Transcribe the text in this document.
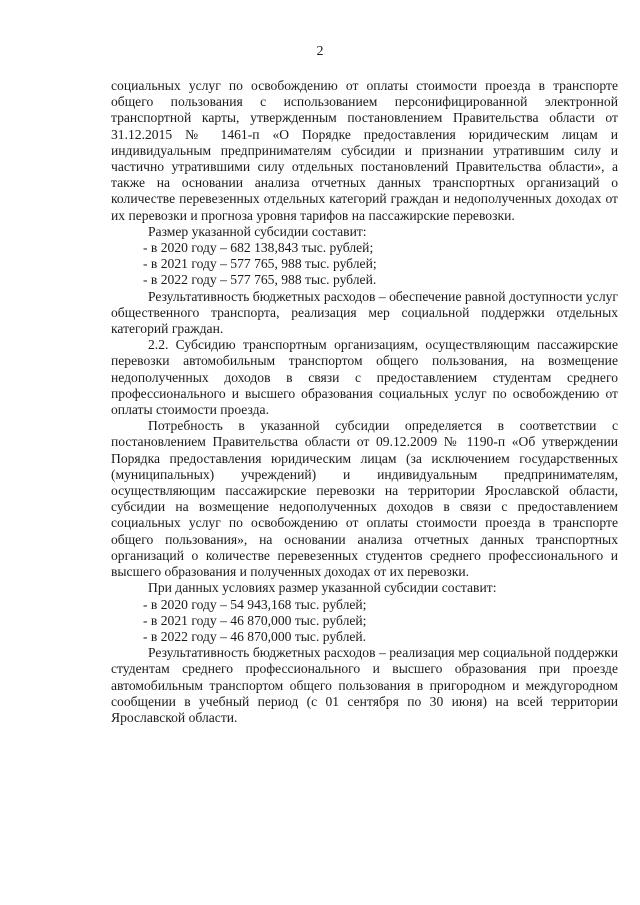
2

социальных услуг по освобождению от оплаты стоимости проезда в транспорте общего пользования с использованием персонифицированной электронной транспортной карты, утвержденным постановлением Правительства области от 31.12.2015 № 1461-п «О Порядке предоставления юридическим лицам и индивидуальным предпринимателям субсидии и признании утратившим силу и частично утратившими силу отдельных постановлений Правительства области», а также на основании анализа отчетных данных транспортных организаций о количестве перевезенных отдельных категорий граждан и недополученных доходах от их перевозки и прогноза уровня тарифов на пассажирские перевозки.

Размер указанной субсидии составит:

- в 2020 году – 682 138,843 тыс. рублей;

- в 2021 году – 577 765, 988 тыс. рублей;

- в 2022 году – 577 765, 988 тыс. рублей.

Результативность бюджетных расходов – обеспечение равной доступности услуг общественного транспорта, реализация мер социальной поддержки отдельных категорий граждан.

2.2. Субсидию транспортным организациям, осуществляющим пассажирские перевозки автомобильным транспортом общего пользования, на возмещение недополученных доходов в связи с предоставлением студентам среднего профессионального и высшего образования социальных услуг по освобождению от оплаты стоимости проезда.

Потребность в указанной субсидии определяется в соответствии с постановлением Правительства области от 09.12.2009 № 1190-п «Об утверждении Порядка предоставления юридическим лицам (за исключением государственных (муниципальных) учреждений) и индивидуальным предпринимателям, осуществляющим пассажирские перевозки на территории Ярославской области, субсидии на возмещение недополученных доходов в связи с предоставлением социальных услуг по освобождению от оплаты стоимости проезда в транспорте общего пользования», на основании анализа отчетных данных транспортных организаций о количестве перевезенных студентов среднего профессионального и высшего образования и полученных доходах от их перевозки.

При данных условиях размер указанной субсидии составит:

- в 2020 году – 54 943,168 тыс. рублей;

- в 2021 году – 46 870,000 тыс. рублей;

- в 2022 году – 46 870,000 тыс. рублей.

Результативность бюджетных расходов – реализация мер социальной поддержки студентам среднего профессионального и высшего образования при проезде автомобильным транспортом общего пользования в пригородном и междугородном сообщении в учебный период (с 01 сентября по 30 июня) на всей территории Ярославской области.
